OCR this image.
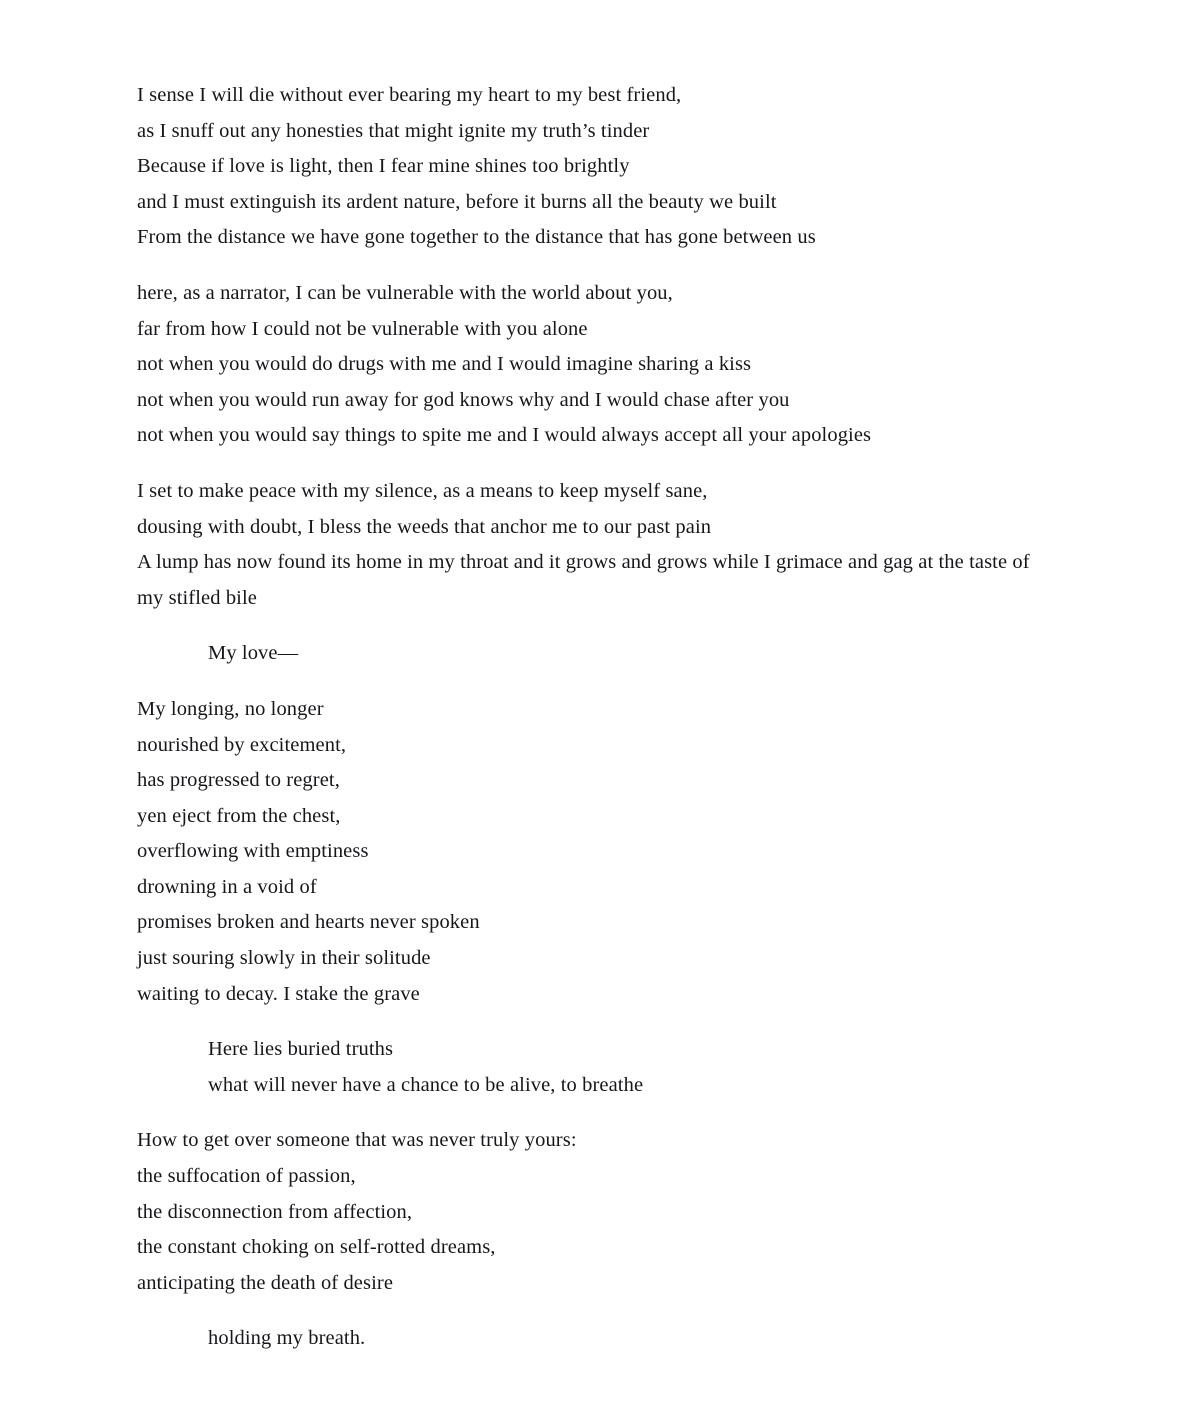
I sense I will die without ever bearing my heart to my best friend,
as I snuff out any honesties that might ignite my truth’s tinder
Because if love is light, then I fear mine shines too brightly
and I must extinguish its ardent nature, before it burns all the beauty we built
From the distance we have gone together to the distance that has gone between us
here, as a narrator, I can be vulnerable with the world about you,
far from how I could not be vulnerable with you alone
not when you would do drugs with me and I would imagine sharing a kiss
not when you would run away for god knows why and I would chase after you
not when you would say things to spite me and I would always accept all your apologies
I set to make peace with my silence, as a means to keep myself sane,
dousing with doubt, I bless the weeds that anchor me to our past pain
A lump has now found its home in my throat and it grows and grows while I grimace and gag at the taste of my stifled bile
My love—
My longing, no longer
nourished by excitement,
has progressed to regret,
yen eject from the chest,
overflowing with emptiness
drowning in a void of
promises broken and hearts never spoken
just souring slowly in their solitude
waiting to decay. I stake the grave
Here lies buried truths
what will never have a chance to be alive, to breathe
How to get over someone that was never truly yours:
the suffocation of passion,
the disconnection from affection,
the constant choking on self-rotted dreams,
anticipating the death of desire
holding my breath.
